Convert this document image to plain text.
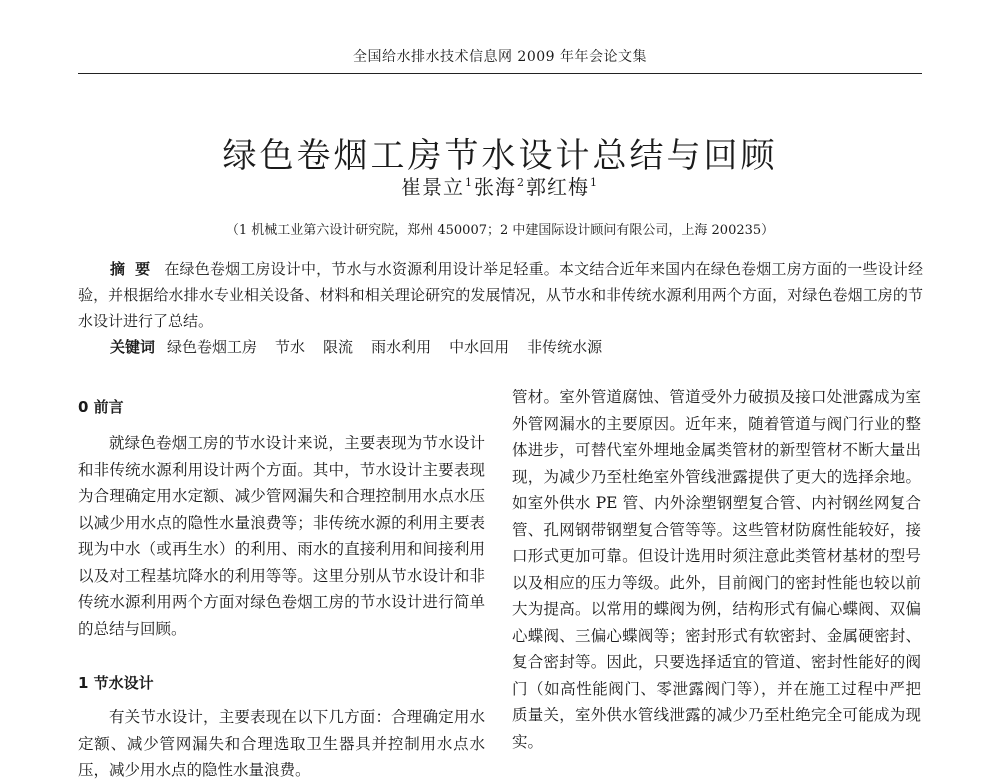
全国给水排水技术信息网 2009 年年会论文集
绿色卷烟工房节水设计总结与回顾
崔景立$^1$张海$^2$郭红梅$^1$
（1 机械工业第六设计研究院，郑州 450007；2 中建国际设计顾问有限公司，上海 200235）

摘要 在绿色卷烟工房设计中，节水与水资源利用设计举足轻重。本文结合近年来国内在绿色卷烟工房方面的一些设计经验，并根据给水排水专业相关设备、材料和相关理论研究的发展情况，从节水和非传统水源利用两个方面，对绿色卷烟工房的节水设计进行了总结。

关键词 绿色卷烟工房 节水 限流 雨水利用 中水回用 非传统水源

0 前言

就绿色卷烟工房的节水设计来说，主要表现为节水设计和非传统水源利用设计两个方面。其中，节水设计主要表现为合理确定用水定额、减少管网漏失和合理控制用水点水压以减少用水点的隐性水量浪费等；非传统水源的利用主要表现为中水（或再生水）的利用、雨水的直接利用和间接利用以及对工程基坑降水的利用等等。这里分别从节水设计和非传统水源利用两个方面对绿色卷烟工房的节水设计进行简单的总结与回顾。

1 节水设计

有关节水设计，主要表现在以下几方面：合理确定用水定额、减少管网漏失和合理选取卫生器具并控制用水点水压，减少用水点的隐性水量浪费。

管材。室外管道腐蚀、管道受外力破损及接口处泄露成为室外管网漏水的主要原因。近年来，随着管道与阀门行业的整体进步，可替代室外埋地金属类管材的新型管材不断大量出现，为减少乃至杜绝室外管线泄露提供了更大的选择余地。如室外供水 PE 管、内外涂塑钢塑复合管、内衬钢丝网复合管、孔网钢带钢塑复合管等等。这些管材防腐性能较好，接口形式更加可靠。但设计选用时须注意此类管材基材的型号以及相应的压力等级。此外，目前阀门的密封性能也较以前大为提高。以常用的蝶阀为例，结构形式有偏心蝶阀、双偏心蝶阀、三偏心蝶阀等；密封形式有软密封、金属硬密封、复合密封等。因此，只要选择适宜的管道、密封性能好的阀门（如高性能阀门、零泄露阀门等），并在施工过程中严把质量关，室外供水管线泄露的减少乃至杜绝完全可能成为现实。
